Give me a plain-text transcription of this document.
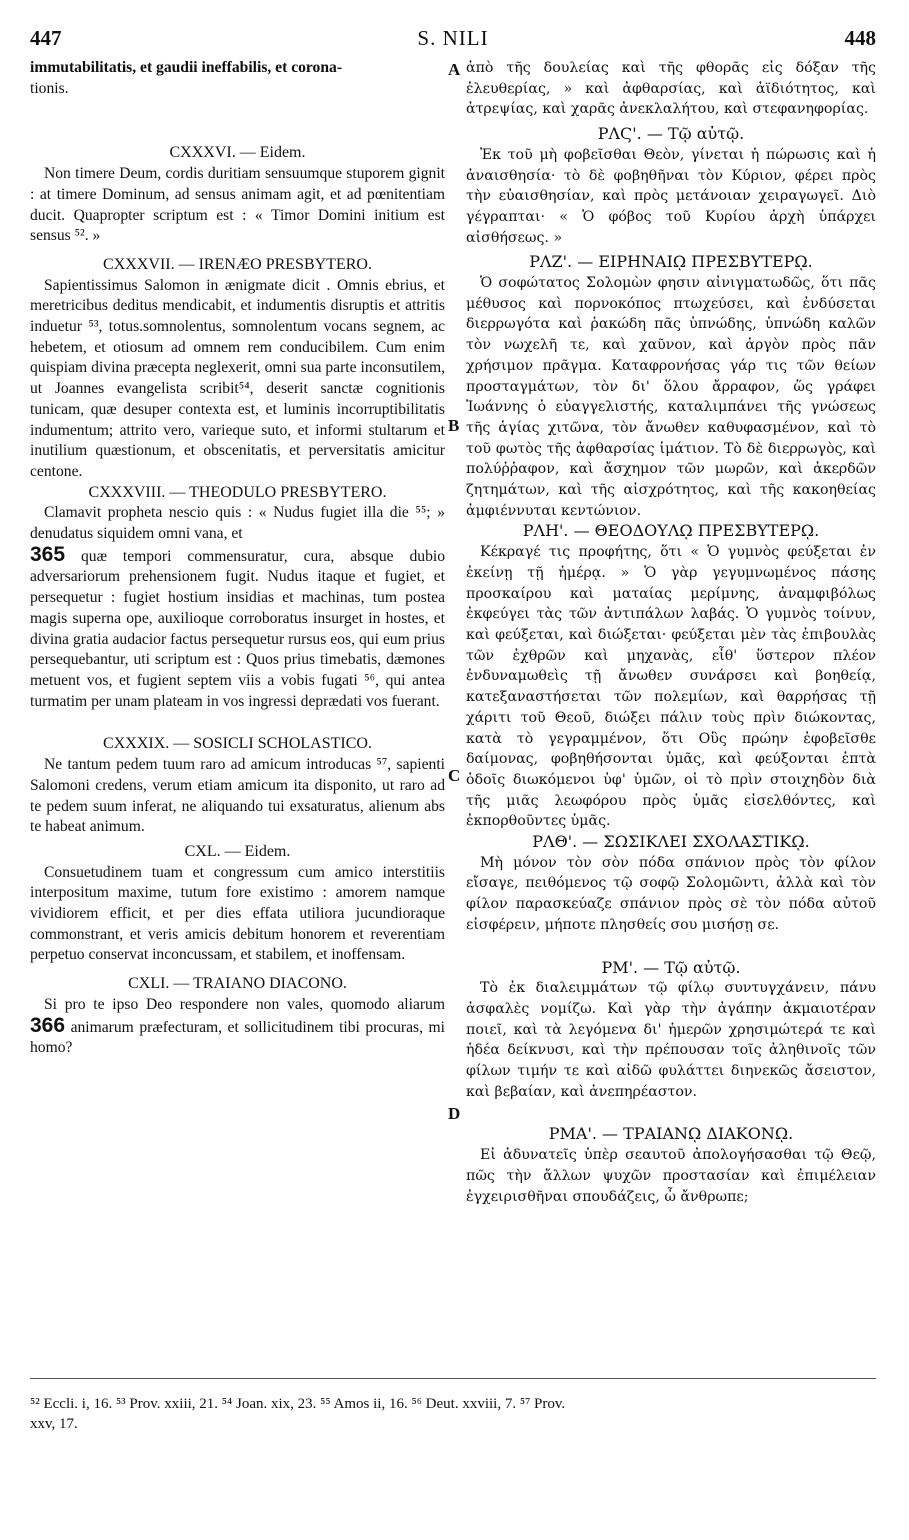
447	S. NILI	448
A
B
C
D

immutabilitatis, et gaudii ineffabilis, et corona-

tionis.

CXXXVI. — Eidem.

Non timere Deum, cordis duritiam sensuumque stuporem gignit : at timere Dominum, ad sensus animam agit, et ad pœnitentiam ducit. Quapropter scriptum est : « Timor Domini initium est sensus ⁵². »

CXXXVII. — IRENÆO PRESBYTERO.

Sapientissimus Salomon in ænigmate dicit . Omnis ebrius, et meretricibus deditus mendicabit, et indumentis disruptis et attritis induetur ⁵³, totus.somnolentus, somnolentum vocans segnem, ac hebetem, et otiosum ad omnem rem conducibilem. Cum enim quispiam divina præcepta neglexerit, omni sua parte inconsutilem, ut Joannes evangelista scribit⁵⁴, deserit sanctæ cognitionis tunicam, quæ desuper contexta est, et luminis incorruptibilitatis indumentum; attrito vero, varieque suto, et informi stultarum et inutilium quæstionum, et obscenitatis, et perversitatis amicitur centone.

CXXXVIII. — THEODULO PRESBYTERO.

Clamavit propheta nescio quis : « Nudus fugiet illa die ⁵⁵; » denudatus siquidem omni vana, et
365 quæ tempori commensuratur, cura, absque dubio adversariorum prehensionem fugit. Nudus itaque et fugiet, et persequetur : fugiet hostium insidias et machinas, tum postea magis superna ope, auxilioque corroboratus insurget in hostes, et divina gratia audacior factus persequetur rursus eos, qui eum prius persequebantur, uti scriptum est : Quos prius timebatis, dæmones metuent vos, et fugient septem viis a vobis fugati ⁵⁶, qui antea turmatim per unam plateam in vos ingressi deprædati vos fuerant.

CXXXIX. — SOSICLI SCHOLASTICO.

Ne tantum pedem tuum raro ad amicum introducas ⁵⁷, sapienti Salomoni credens, verum etiam amicum ita disponito, ut raro ad te pedem suum inferat, ne aliquando tui exsaturatus, alienum abs te habeat animum.

CXL. — Eidem.

Consuetudinem tuam et congressum cum amico interstitiis interpositum maxime, tutum fore existimo : amorem namque vividiorem efficit, et per dies effata utiliora jucundioraque commonstrant, et veris amicis debitum honorem et reverentiam perpetuo conservat inconcussam, et stabilem, et inoffensam.

CXLI. — TRAIANO DIACONO.

Si pro te ipso Deo respondere non vales, quomodo aliarum 366 animarum præfecturam, et sollicitudinem tibi procuras, mi homo?

ἀπὸ τῆς δουλείας καὶ τῆς φθορᾶς εἰς δόξαν τῆς ἐλευθερίας, » καὶ ἀφθαρσίας, καὶ ἀϊδιότητος, καὶ ἀτρεψίας, καὶ χαρᾶς ἀνεκλαλήτου, καὶ στεφανηφορίας.

ΡΛϚ'. — Τῷ αὐτῷ.

Ἐκ τοῦ μὴ φοβεῖσθαι Θεὸν, γίνεται ἡ πώρωσις καὶ ἡ ἀναισθησία· τὸ δὲ φοβηθῆναι τὸν Κύριον, φέρει πρὸς τὴν εὐαισθησίαν, καὶ πρὸς μετάνοιαν χειραγωγεῖ. Διὸ γέγραπται· « Ὁ φόβος τοῦ Κυρίου ἀρχὴ ὑπάρχει αἰσθήσεως. »

ΡΛΖ'. — ΕΙΡΗΝΑΙῼ ΠΡΕΣΒΥΤΕΡῼ.

Ὁ σοφώτατος Σολομὼν φησιν αἰνιγματωδῶς, ὅτι πᾶς μέθυσος καὶ πορνοκόπος πτωχεύσει, καὶ ἐνδύσεται διερρωγότα καὶ ῥακώδη πᾶς ὑπνώδης, ὑπνώδη καλῶν τὸν νωχελῆ τε, καὶ χαῦνον, καὶ ἀργὸν πρὸς πᾶν χρήσιμον πρᾶγμα. Καταφρονήσας γάρ τις τῶν θείων προσταγμάτων, τὸν δι' ὅλου ἄρραφον, ὥς γράφει Ἰωάννης ὁ εὐαγγελιστής, καταλιμπάνει τῆς γνώσεως τῆς ἁγίας χιτῶνα, τὸν ἄνωθεν καθυφασμένον, καὶ τὸ τοῦ φωτὸς τῆς ἀφθαρσίας ἱμάτιον. Τὸ δὲ διερρωγὸς, καὶ πολύῤῥαφον, καὶ ἄσχημον τῶν μωρῶν, καὶ ἀκερδῶν ζητημάτων, καὶ τῆς αἰσχρότητος, καὶ τῆς κακοηθείας ἀμφιέννυται κεντώνιον.

ΡΛΗ'. — ΘΕΟΔΟΥΛῼ ΠΡΕΣΒΥΤΕΡῼ.

Κέκραγέ τις προφήτης, ὅτι « Ὁ γυμνὸς φεύξεται ἐν ἐκείνῃ τῇ ἡμέρᾳ. » Ὁ γὰρ γεγυμνωμένος πάσης προσκαίρου καὶ ματαίας μερίμνης, ἀναμφιβόλως ἐκφεύγει τὰς τῶν ἀντιπάλων λαβάς. Ὁ γυμνὸς τοίνυν, καὶ φεύξεται, καὶ διώξεται· φεύξεται μὲν τὰς ἐπιβουλὰς τῶν ἐχθρῶν καὶ μηχανὰς, εἶθ' ὕστερον πλέον ἐνδυναμωθεὶς τῇ ἄνωθεν συνάρσει καὶ βοηθείᾳ, κατεξαναστήσεται τῶν πολεμίων, καὶ θαρρήσας τῇ χάριτι τοῦ Θεοῦ, διώξει πάλιν τοὺς πρὶν διώκοντας, κατὰ τὸ γεγραμμένον, ὅτι Οὓς πρώην ἐφοβεῖσθε δαίμονας, φοβηθήσονται ὑμᾶς, καὶ φεύξονται ἑπτὰ ὁδοῖς διωκόμενοι ὑφ' ὑμῶν, οἱ τὸ πρὶν στοιχηδὸν διὰ τῆς μιᾶς λεωφόρου πρὸς ὑμᾶς εἰσελθόντες, καὶ ἐκπορθοῦντες ὑμᾶς.

ΡΛΘ'. — ΣΩΣΙΚΛΕΙ ΣΧΟΛΑΣΤΙΚῼ.

Μὴ μόνον τὸν σὸν πόδα σπάνιον πρὸς τὸν φίλον εἴσαγε, πειθόμενος τῷ σοφῷ Σολομῶντι, ἀλλὰ καὶ τὸν φίλον παρασκεύαζε σπάνιον πρὸς σὲ τὸν πόδα αὐτοῦ εἰσφέρειν, μήποτε πλησθείς σου μισήσῃ σε.

ΡΜ'. — Τῷ αὐτῷ.

Τὸ ἐκ διαλειμμάτων τῷ φίλῳ συντυγχάνειν, πάνυ ἀσφαλὲς νομίζω. Καὶ γὰρ τὴν ἀγάπην ἀκμαιοτέραν ποιεῖ, καὶ τὰ λεγόμενα δι' ἡμερῶν χρησιμώτερά τε καὶ ἡδέα δείκνυσι, καὶ τὴν πρέπουσαν τοῖς ἀληθινοῖς τῶν φίλων τιμήν τε καὶ αἰδῶ φυλάττει διηνεκῶς ἄσειστον, καὶ βεβαίαν, καὶ ἀνεπηρέαστον.

ΡΜΑ'. — ΤΡΑΙΑΝῼ ΔΙΑΚΟΝῼ.

Εἰ ἀδυνατεῖς ὑπὲρ σεαυτοῦ ἀπολογήσασθαι τῷ Θεῷ, πῶς τὴν ἄλλων ψυχῶν προστασίαν καὶ ἐπιμέλειαν ἐγχειρισθῆναι σπουδάζεις, ὦ ἄνθρωπε;

⁵² Eccli. i, 16. ⁵³ Prov. xxiii, 21. ⁵⁴ Joan. xix, 23. ⁵⁵ Amos ii, 16. ⁵⁶ Deut. xxviii, 7. ⁵⁷ Prov.
xxv, 17.
